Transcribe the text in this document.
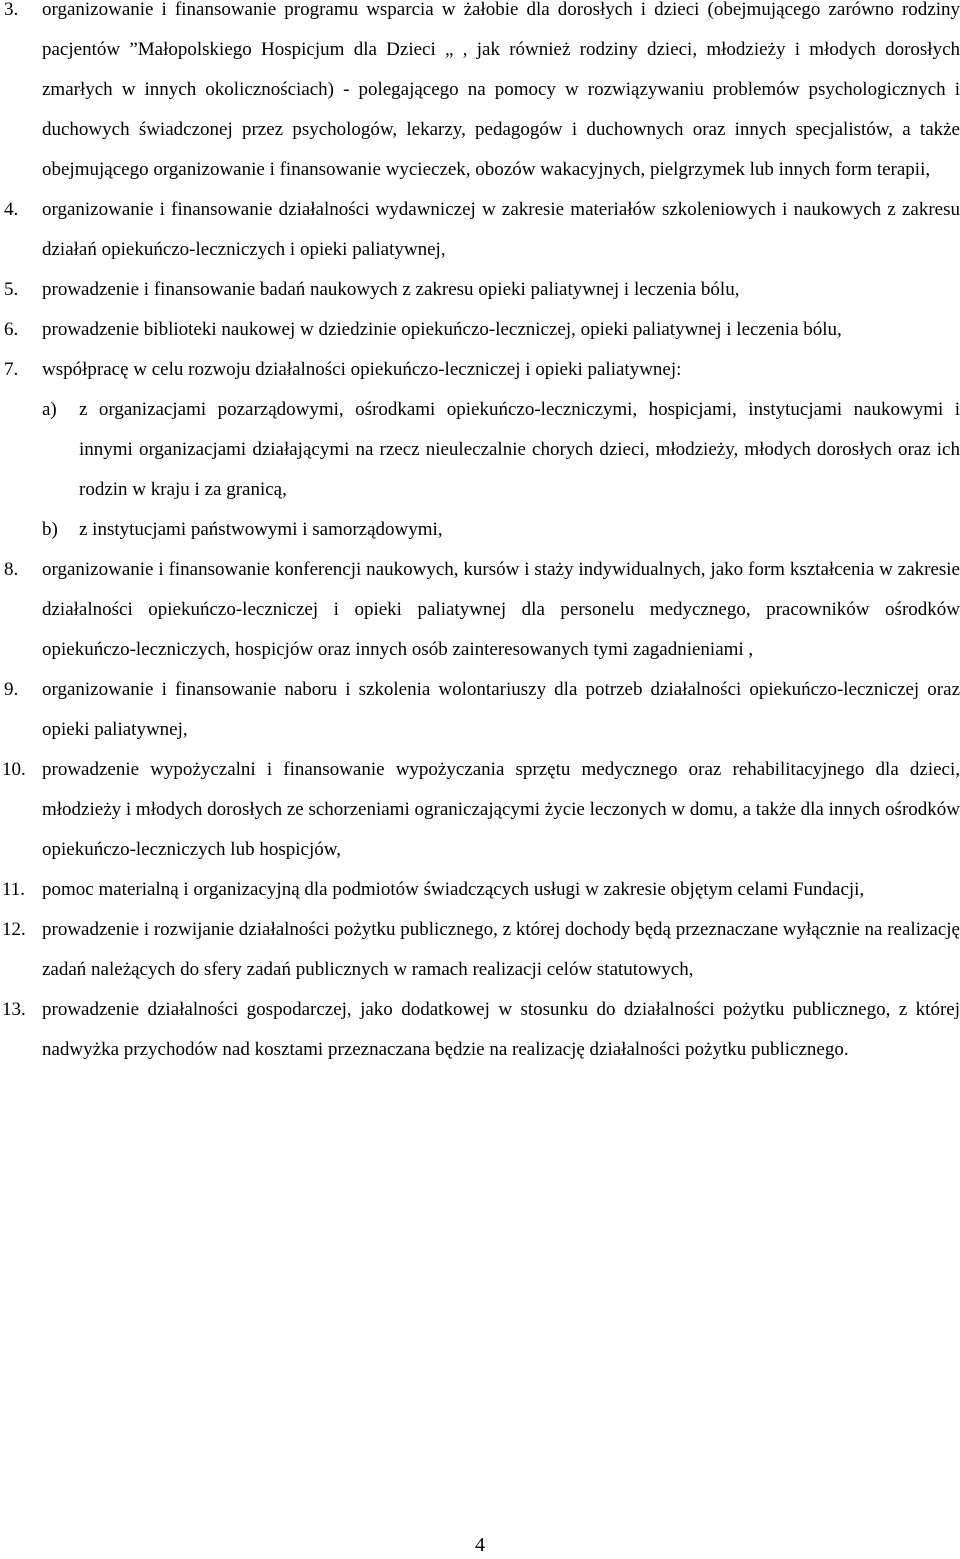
3. organizowanie i finansowanie programu wsparcia w żałobie dla dorosłych i dzieci (obejmującego zarówno rodziny pacjentów ”Małopolskiego Hospicjum dla Dzieci „ , jak również rodziny dzieci, młodzieży i młodych dorosłych zmarłych w innych okolicznościach) - polegającego na pomocy w rozwiązywaniu problemów psychologicznych i duchowych świadczonej przez psychologów, lekarzy, pedagogów i duchownych oraz innych specjalistów, a także obejmującego organizowanie i finansowanie wycieczek, obozów wakacyjnych, pielgrzymek lub innych form terapii,
4. organizowanie i finansowanie działalności wydawniczej w zakresie materiałów szkoleniowych i naukowych z zakresu działań opiekuńczo-leczniczych i opieki paliatywnej,
5. prowadzenie i finansowanie badań naukowych z zakresu opieki paliatywnej i leczenia bólu,
6. prowadzenie biblioteki naukowej w dziedzinie opiekuńczo-leczniczej, opieki paliatywnej i leczenia bólu,
7. współpracę w celu rozwoju działalności opiekuńczo-leczniczej i opieki paliatywnej:
a) z organizacjami pozarządowymi, ośrodkami opiekuńczo-leczniczymi, hospicjami, instytucjami naukowymi i innymi organizacjami działającymi na rzecz nieuleczalnie chorych dzieci, młodzieży, młodych dorosłych oraz ich rodzin w kraju i za granicą,
b) z instytucjami państwowymi i samorządowymi,
8. organizowanie i finansowanie konferencji naukowych, kursów i staży indywidualnych, jako form kształcenia w zakresie działalności opiekuńczo-leczniczej i opieki paliatywnej dla personelu medycznego, pracowników ośrodków opiekuńczo-leczniczych, hospicjów oraz innych osób zainteresowanych tymi zagadnieniami ,
9. organizowanie i finansowanie naboru i szkolenia wolontariuszy dla potrzeb działalności opiekuńczo-leczniczej oraz opieki paliatywnej,
10. prowadzenie wypożyczalni i finansowanie wypożyczania sprzętu medycznego oraz rehabilitacyjnego dla dzieci, młodzieży i młodych dorosłych ze schorzeniami ograniczającymi życie leczonych w domu, a także dla innych ośrodków opiekuńczo-leczniczych lub hospicjów,
11. pomoc materialną i organizacyjną dla podmiotów świadczących usługi w zakresie objętym celami Fundacji,
12. prowadzenie i rozwijanie działalności pożytku publicznego, z której dochody będą przeznaczane wyłącznie na realizację zadań należących do sfery zadań publicznych w ramach realizacji celów statutowych,
13. prowadzenie działalności gospodarczej, jako dodatkowej w stosunku do działalności pożytku publicznego, z której nadwyżka przychodów nad kosztami przeznaczana będzie na realizację działalności pożytku publicznego.
4
